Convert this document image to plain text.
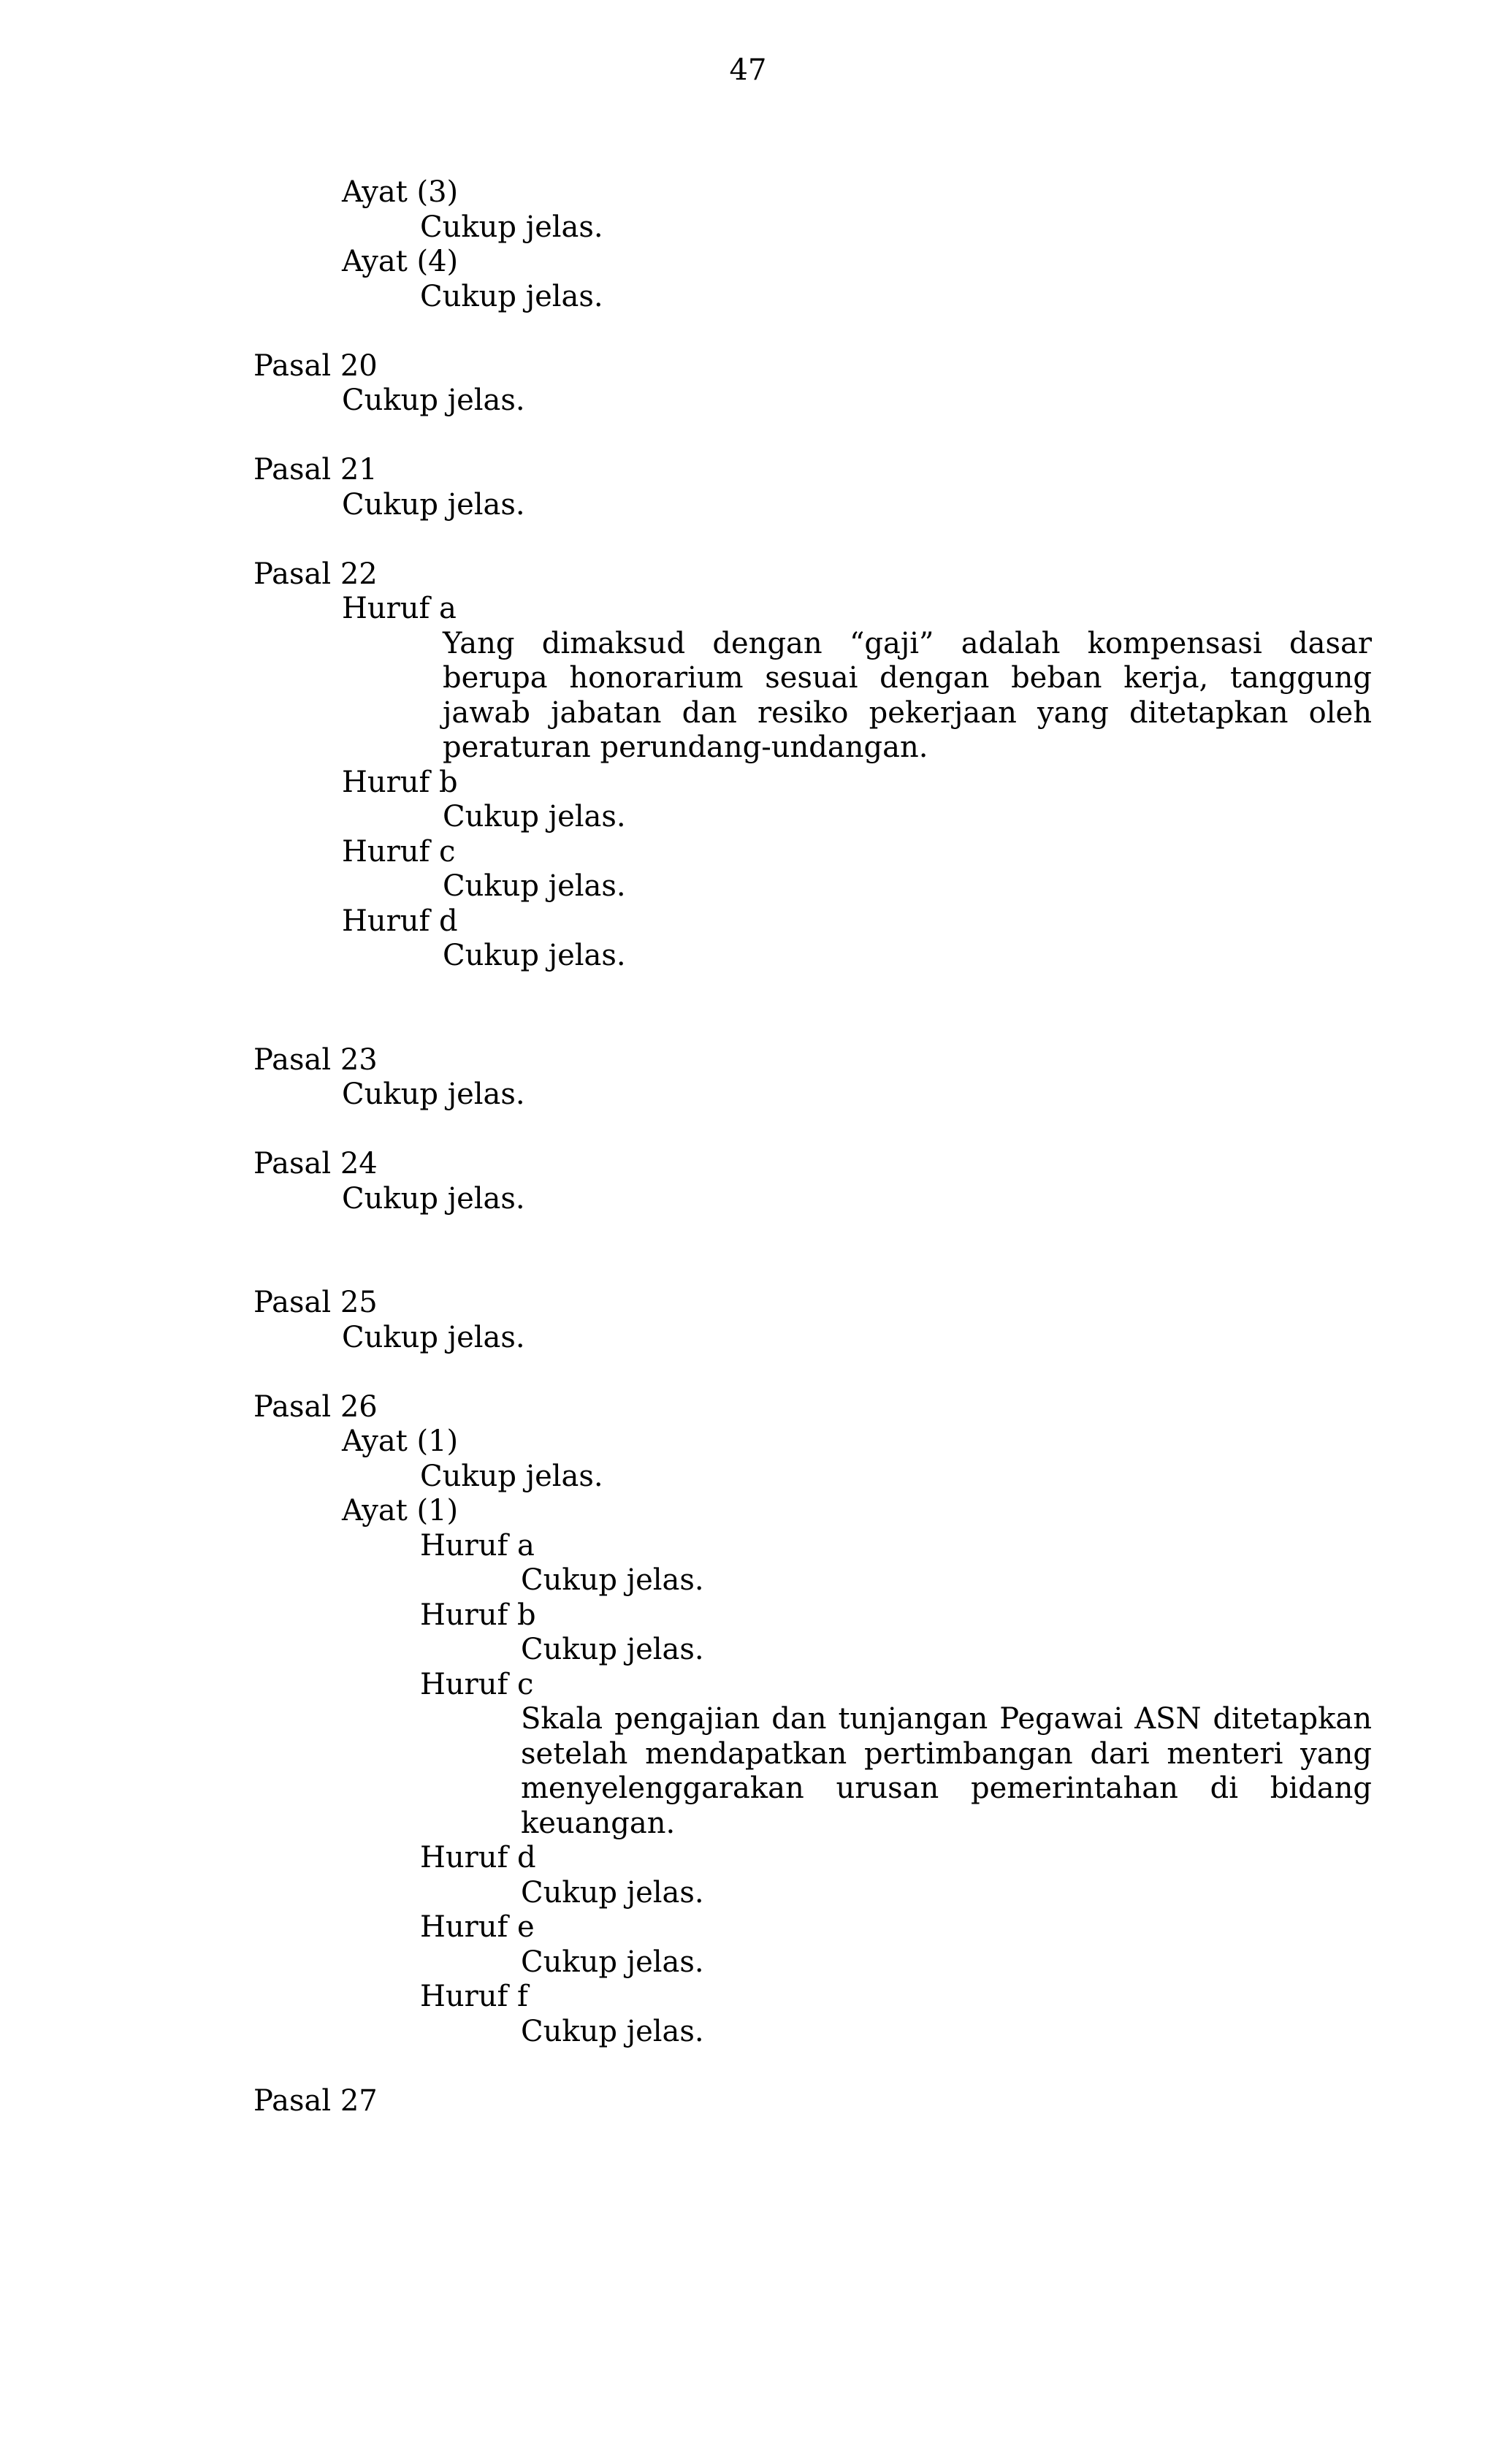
47
Ayat (3)
Cukup jelas.
Ayat (4)
Cukup jelas.
Pasal 20
Cukup jelas.
Pasal 21
Cukup jelas.
Pasal 22
Huruf a
Yang dimaksud dengan “gaji” adalah kompensasi dasar berupa honorarium sesuai dengan beban kerja, tanggung jawab jabatan dan resiko pekerjaan yang ditetapkan oleh peraturan perundang-undangan.
Huruf b
Cukup jelas.
Huruf c
Cukup jelas.
Huruf d
Cukup jelas.
Pasal 23
Cukup jelas.
Pasal 24
Cukup jelas.
Pasal 25
Cukup jelas.
Pasal 26
Ayat (1)
Cukup jelas.
Ayat (1)
Huruf a
Cukup jelas.
Huruf b
Cukup jelas.
Huruf c
Skala pengajian dan tunjangan Pegawai ASN ditetapkan setelah mendapatkan pertimbangan dari menteri yang menyelenggarakan urusan pemerintahan di bidang keuangan.
Huruf d
Cukup jelas.
Huruf e
Cukup jelas.
Huruf f
Cukup jelas.
Pasal 27
